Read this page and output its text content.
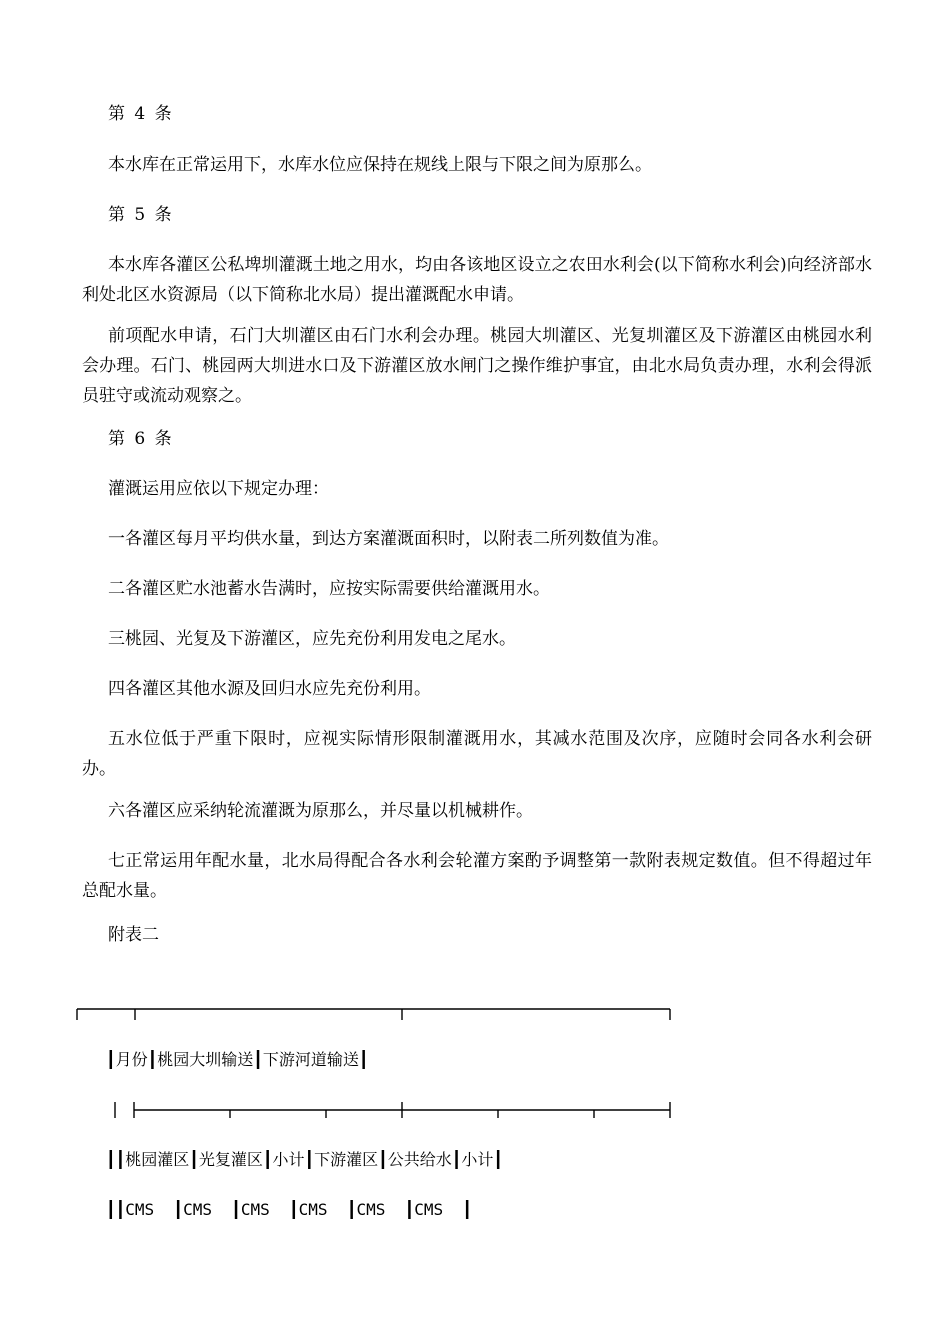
第 4 条
本水库在正常运用下，水库水位应保持在规线上限与下限之间为原那么。
第 5 条
本水库各灌区公私埤圳灌溉土地之用水，均由各该地区设立之农田水利会(以下简称水利会)向经济部水利处北区水资源局（以下简称北水局）提出灌溉配水申请。
前项配水申请，石门大圳灌区由石门水利会办理。桃园大圳灌区、光复圳灌区及下游灌区由桃园水利会办理。石门、桃园两大圳进水口及下游灌区放水闸门之操作维护事宜，由北水局负责办理，水利会得派员驻守或流动观察之。
第 6 条
灌溉运用应依以下规定办理：
一各灌区每月平均供水量，到达方案灌溉面积时，以附表二所列数值为准。
二各灌区贮水池蓄水告满时，应按实际需要供给灌溉用水。
三桃园、光复及下游灌区，应先充份利用发电之尾水。
四各灌区其他水源及回归水应先充份利用。
五水位低于严重下限时，应视实际情形限制灌溉用水，其减水范围及次序，应随时会同各水利会研办。
六各灌区应采纳轮流灌溉为原那么，并尽量以机械耕作。
七正常运用年配水量，北水局得配合各水利会轮灌方案酌予调整第一款附表规定数值。但不得超过年总配水量。
附表二
┃月份┃桃园大圳输送┃下游河道输送┃
┃┃桃园灌区┃光复灌区┃小计┃下游灌区┃公共给水┃小计┃
┃┃CMS  ┃CMS  ┃CMS  ┃CMS  ┃CMS  ┃CMS  ┃
